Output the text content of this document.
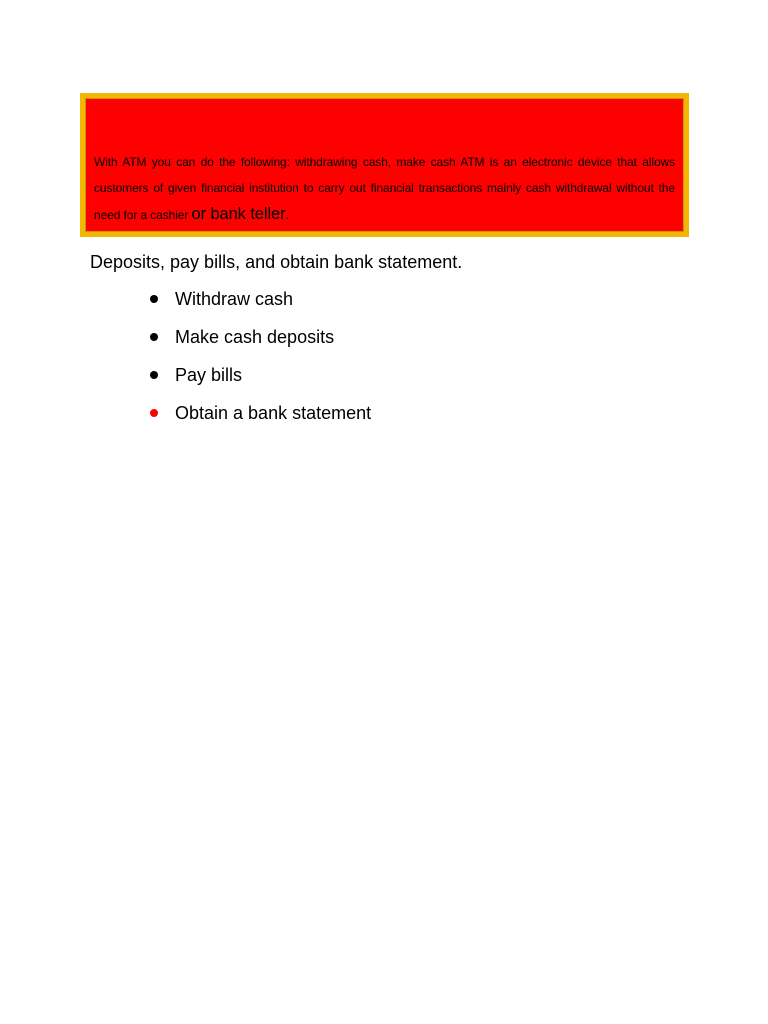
With ATM you can do the following: withdrawing cash, make cash ATM is an electronic device that allows customers of given financial institution to carry out financial transactions mainly cash withdrawal without the need for a cashier or bank teller.
Deposits, pay bills, and obtain bank statement.
Withdraw cash
Make cash deposits
Pay bills
Obtain a bank statement
